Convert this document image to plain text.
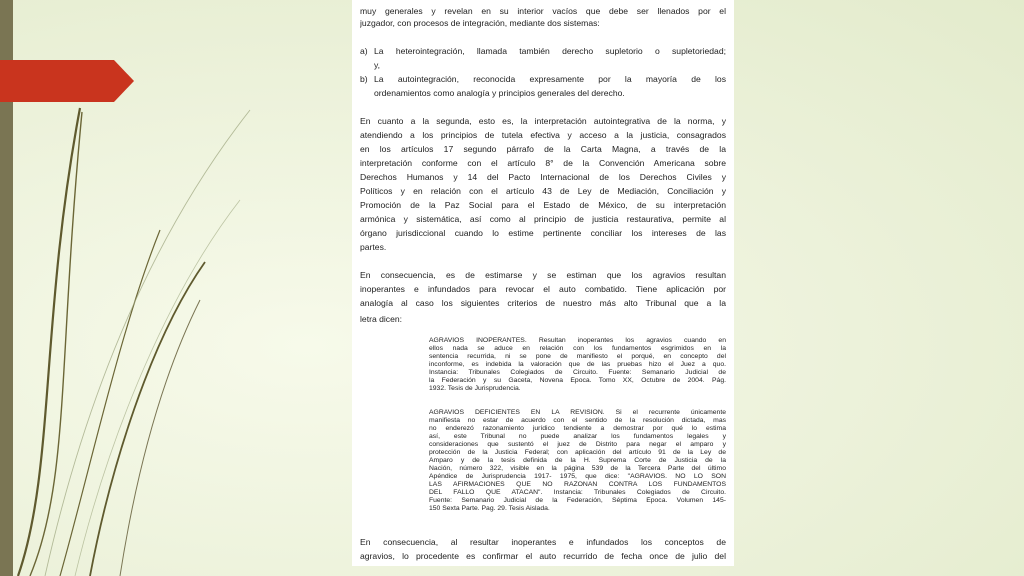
muy generales y revelan en su interior vacíos que debe ser llenados por el
juzgador, con procesos de integración, mediante dos sistemas:
a) La heterointegración, llamada también derecho supletorio o supletoriedad;
y,
b) La autointegración, reconocida expresamente por la mayoría de los
ordenamientos como analogía y principios generales del derecho.
En cuanto a la segunda, esto es, la interpretación autointegrativa de la norma, y
atendiendo a los principios de tutela efectiva y acceso a la justicia, consagrados
en los artículos 17 segundo párrafo de la Carta Magna, a través de la
interpretación conforme con el artículo 8° de la Convención Americana sobre
Derechos Humanos y 14 del Pacto Internacional de los Derechos Civiles y
Políticos y en relación con el artículo 43 de Ley de Mediación, Conciliación y
Promoción de la Paz Social para el Estado de México, de su interpretación
armónica y sistemática, así como al principio de justicia restaurativa, permite al
órgano jurisdiccional cuando lo estime pertinente conciliar los intereses de las
partes.
En consecuencia, es de estimarse y se estiman que los agravios resultan
inoperantes e infundados para revocar el auto combatido. Tiene aplicación por
analogía al caso los siguientes criterios de nuestro más alto Tribunal que a la
letra dicen:
En consecuencia, al resultar inoperantes e infundados los conceptos de
agravios, lo procedente es confirmar el auto recurrido de fecha once de julio del
AGRAVIOS INOPERANTES. Resultan inoperantes los agravios cuando en
ellos nada se aduce en relación con los fundamentos esgrimidos en la
sentencia recurrida, ni se pone de manifiesto el porqué, en concepto del
inconforme, es indebida la valoración que de las pruebas hizo el Juez a quo.
Instancia: Tribunales Colegiados de Circuito. Fuente: Semanario Judicial de
la Federación y su Gaceta, Novena Época. Tomo XX, Octubre de 2004. Pág.
1932. Tesis de Jurisprudencia.
AGRAVIOS DEFICIENTES EN LA REVISIÓN. Si el recurrente únicamente
manifiesta no estar de acuerdo con el sentido de la resolución dictada, mas
no enderezó razonamiento jurídico tendiente a demostrar por qué lo estima
así, este Tribunal no puede analizar los fundamentos legales y
consideraciones que sustentó el juez de Distrito para negar el amparo y
protección de la Justicia Federal; con aplicación del artículo 91 de la Ley de
Amparo y de la tesis definida de la H. Suprema Corte de Justicia de la
Nación, número 322, visible en la página 539 de la Tercera Parte del último
Apéndice de Jurisprudencia 1917- 1975, que dice: "AGRAVIOS. NO LO SON
LAS AFIRMACIONES QUE NO RAZONAN CONTRA LOS FUNDAMENTOS
DEL FALLO QUE ATACAN". Instancia: Tribunales Colegiados de Circuito.
Fuente: Semanario Judicial de la Federación, Séptima Época. Volumen 145-
150 Sexta Parte. Pag. 29. Tesis Aislada.
